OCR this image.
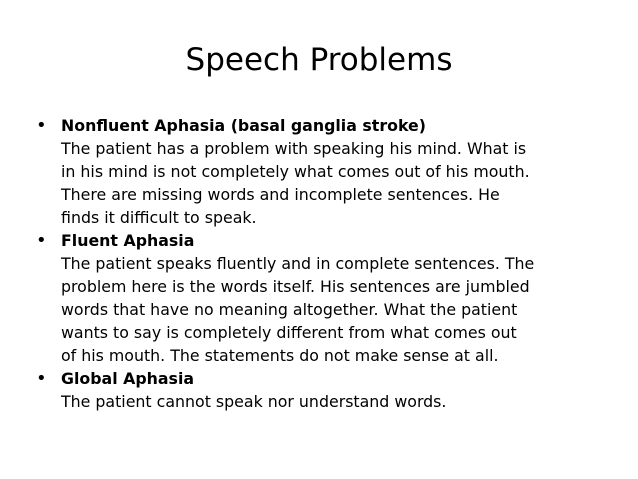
Speech Problems
• Nonfluent Aphasia (basal ganglia stroke)
The patient has a problem with speaking his mind. What is
in his mind is not completely what comes out of his mouth.
There are missing words and incomplete sentences. He
finds it difficult to speak.
• Fluent Aphasia
The patient speaks fluently and in complete sentences. The
problem here is the words itself. His sentences are jumbled
words that have no meaning altogether. What the patient
wants to say is completely different from what comes out
of his mouth. The statements do not make sense at all.
• Global Aphasia
The patient cannot speak nor understand words.
